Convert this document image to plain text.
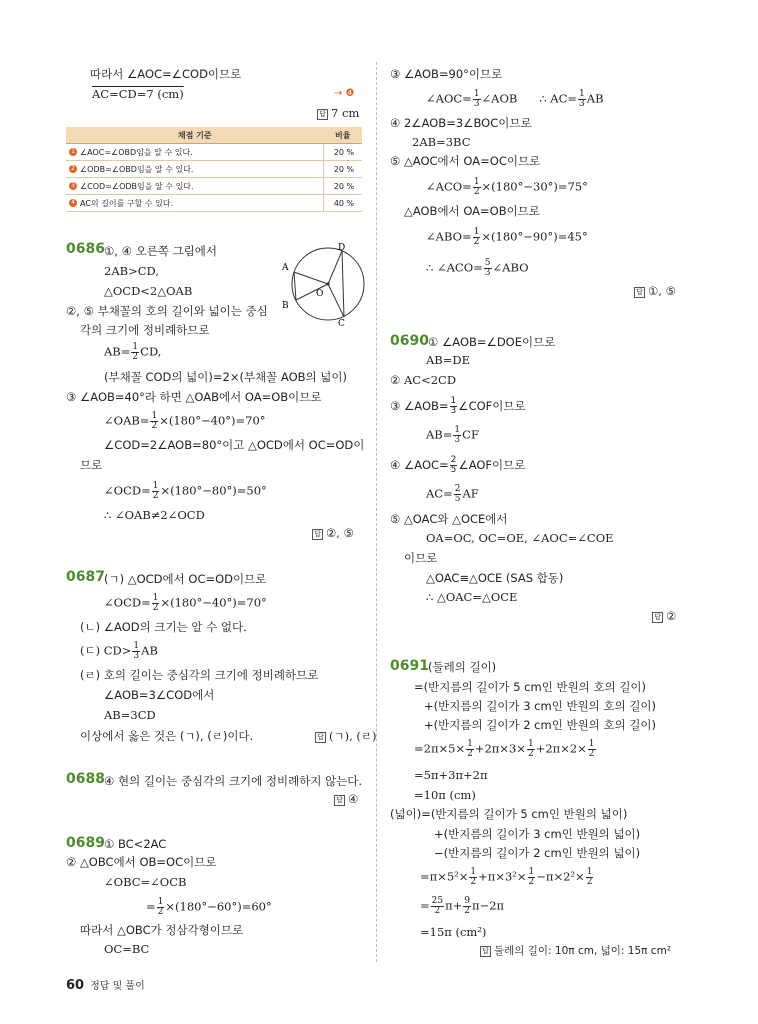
따라서 ∠AOC=∠COD이므로
AC=CD=7 (cm)	→ ❹
답 7 cm
채점 기준	비율
1 ∠AOC=∠OBD임을 알 수 있다.	20 %
2 ∠ODB=∠OBD임을 알 수 있다.	20 %
3 ∠COD=∠ODB임을 알 수 있다.	20 %
4 AC의 길이를 구할 수 있다.	40 %
0686 ①, ④ 오른쪽 그림에서
2AB>CD,
△OCD<2△OAB
②, ⑤ 부채꼴의 호의 길이와 넓이는 중심
각의 크기에 정비례하므로
$AB= \frac{1}{2}$ CD,
(부채꼴 COD의 넓이)=2×(부채꼴 AOB의 넓이)
③ ∠AOB=40°라 하면 △OAB에서 OA=OB이므로
∠OAB= $\frac{1}{2} \times(180^\circ-40^\circ)=70^\circ$
∠COD=2∠AOB=80°이고 △OCD에서 OC=OD이
므로
∠OCD= $\frac{1}{2} \times(180^\circ-80^\circ)=50^\circ$
∴ ∠OAB≠2∠OCD
답 ②, ⑤
A
B
C
D
O
0687 (ㄱ) △OCD에서 OC=OD이므로
∠OCD= $\frac{1}{2} \times(180^\circ-40^\circ)=70^\circ$
(ㄴ) ∠AOD의 크기는 알 수 없다.
(ㄷ) $CD> \frac{1}{3}$ AB
(ㄹ) 호의 길이는 중심각의 크기에 정비례하므로
∠AOB=3∠COD에서
AB=3CD
이상에서 옳은 것은 (ㄱ), (ㄹ)이다.	답 (ㄱ), (ㄹ)
0688 ④ 현의 길이는 중심각의 크기에 정비례하지 않는다.
답 ④
0689 ① BC<2AC
② △OBC에서 OB=OC이므로
∠OBC=∠OCB
= $\frac{1}{2} \times(180^\circ-60^\circ)=60^\circ$
따라서 △OBC가 정삼각형이므로
OC=BC
③ ∠AOB=90°이므로
∠AOC= $\frac{1}{3}$ ∠AOB ∴ $AC= \frac{1}{3}$ AB
④ 2∠AOB=3∠BOC이므로
2AB=3BC
⑤ △AOC에서 OA=OC이므로
∠ACO= $\frac{1}{2} \times(180^\circ-30^\circ)=75^\circ$
△AOB에서 OA=OB이므로
∠ABO= $\frac{1}{2} \times(180^\circ-90^\circ)=45^\circ$
∴ ∠ACO= $\frac{5}{3}$ ∠ABO
답 ①, ⑤
0690 ① ∠AOB=∠DOE이므로
AB=DE
② AC<2CD
③ ∠AOB= $\frac{1}{3}$ ∠COF이므로
$AB= \frac{1}{3}$ CF
④ ∠AOC= $\frac{2}{5}$ ∠AOF이므로
$AC= \frac{2}{5}$ AF
⑤ △OAC와 △OCE에서
OA=OC, OC=OE, ∠AOC=∠COE
이므로
△OAC≡△OCE (SAS 합동)
∴ △OAC=△OCE
답 ②
0691 (둘레의 길이)
=(반지름의 길이가 5 cm인 반원의 호의 길이)
+(반지름의 길이가 3 cm인 반원의 호의 길이)
+(반지름의 길이가 2 cm인 반원의 호의 길이)
$=2\pi\times 5\times \frac{1}{2} +2\pi\times 3\times \frac{1}{2} +2\pi\times 2\times \frac{1}{2}$
=5π+3π+2π
=10π (cm)
(넓이)=(반지름의 길이가 5 cm인 반원의 넓이)
+(반지름의 길이가 3 cm인 반원의 넓이)
−(반지름의 길이가 2 cm인 반원의 넓이)
$=\pi\times 5^2\times \frac{1}{2} +\pi\times 3^2\times \frac{1}{2} -\pi\times 2^2\times \frac{1}{2}$
= $\frac{25}{2} \pi+ \frac{9}{2} \pi-2\pi$
=15π (cm²)
답 둘레의 길이: 10π cm, 넓이: 15π cm²
60 정답 및 풀이
